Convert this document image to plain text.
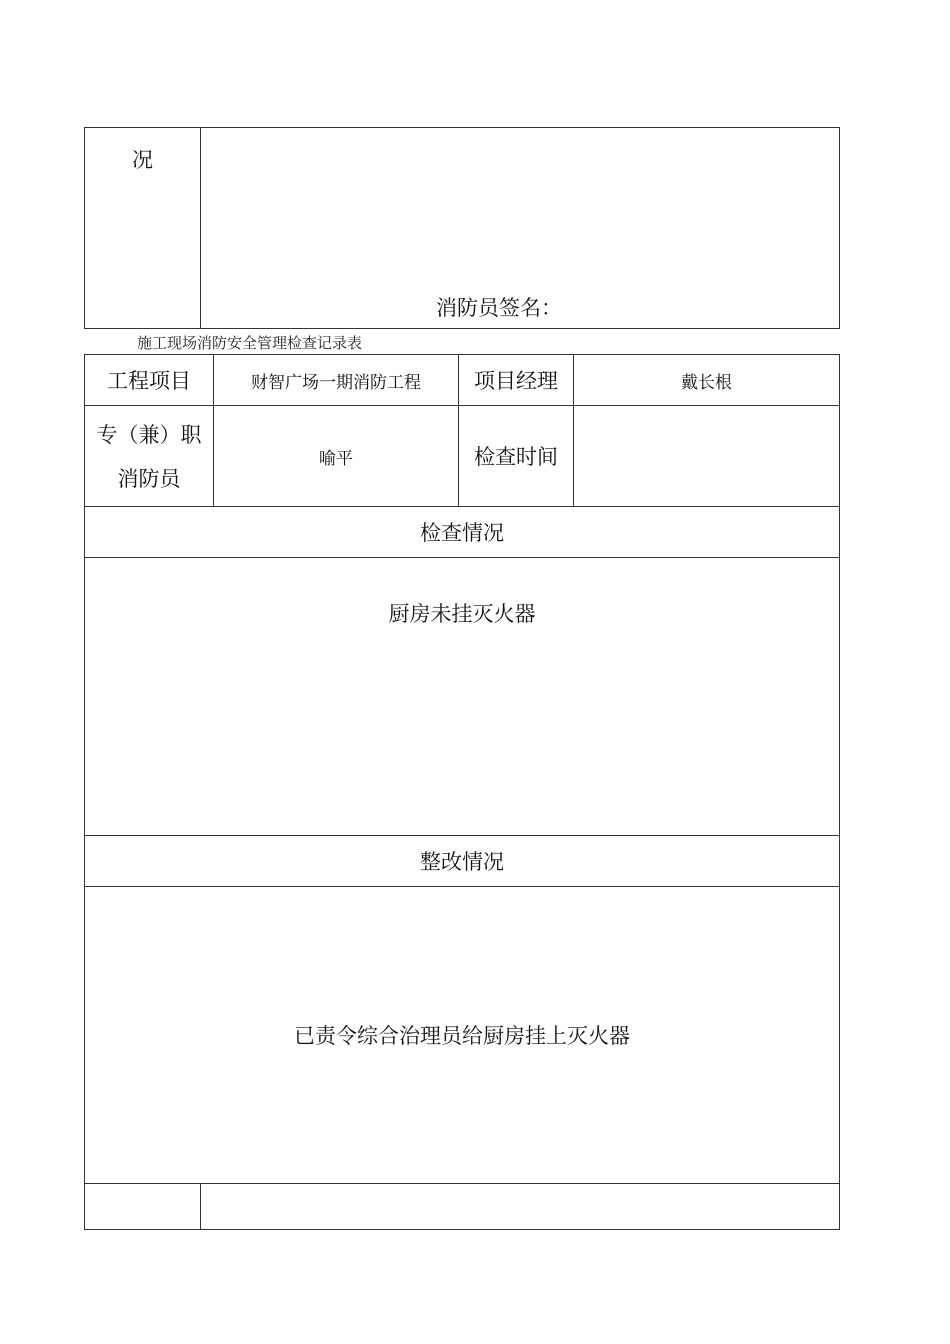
况
消防员签名：
施工现场消防安全管理检查记录表
工程项目	财智广场一期消防工程	项目经理	戴长根
专（兼）职
消防员
喻平	检查时间
检查情况
厨房未挂灭火器
整改情况
已责令综合治理员给厨房挂上灭火器
